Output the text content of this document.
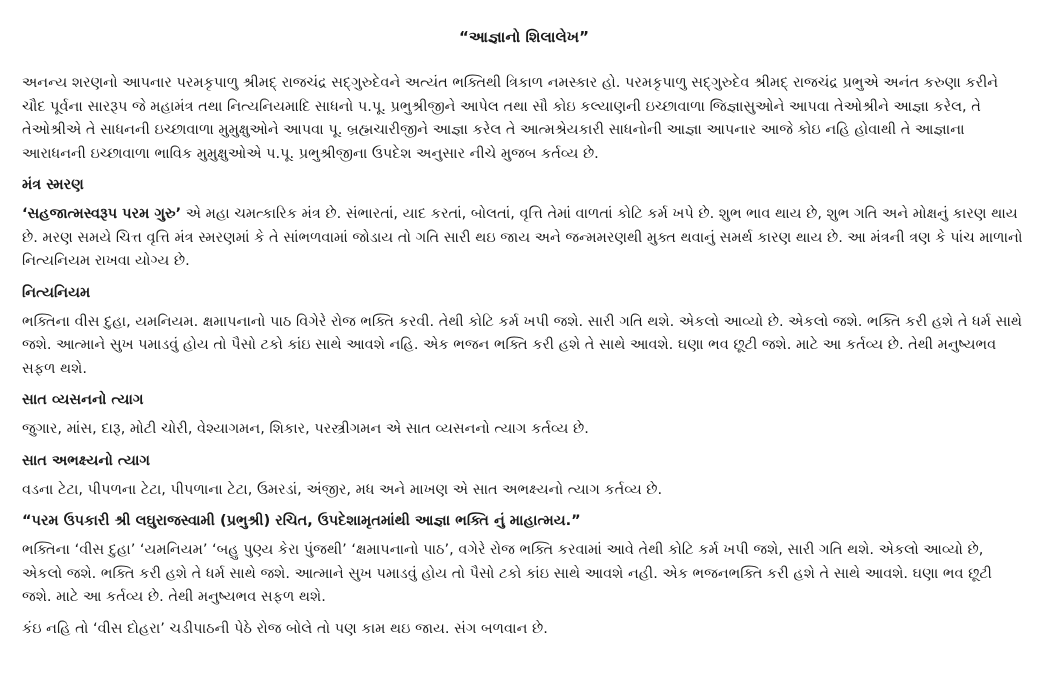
“આજ્ઞાનો શિલાલેખ”

અનન્ય શરણનો આપનાર પરમકૃપાળુ શ્રીમદ્ રાજચંદ્ર સદ્ગુરુદેવને અત્યંત ભક્તિથી ત્રિકાળ નમસ્કાર હો. પરમકૃપાળુ સદ્ગુરુદેવ શ્રીમદ્ રાજચંદ્ર પ્રભુએ અનંત કરુણા કરીને ચૌદ પૂર્વના સારરૂપ જે મહામંત્ર તથા નિત્યનિયમાદિ સાધનો પ.પૂ. પ્રભુશ્રીજીને આપેલ તથા સૌ કોઇ કલ્યાણની ઇચ્છાવાળા જિજ્ઞાસુઓને આપવા તેઓશ્રીને આજ્ઞા કરેલ, તે તેઓશ્રીએ તે સાધનની ઇચ્છાવાળા મુમુક્ષુઓને આપવા પૂ. બ્રહ્મચારીજીને આજ્ઞા કરેલ તે આત્મશ્રેયકારી સાધનોની આજ્ઞા આપનાર આજે કોઇ નહિ હોવાથી તે આજ્ઞાના આરાધનની ઇચ્છાવાળા ભાવિક મુમુક્ષુઓએ પ.પૂ. પ્રભુશ્રીજીના ઉપદેશ અનુસાર નીચે મુજબ કર્તવ્ય છે.

મંત્ર સ્મરણ

‘સહજાત્મસ્વરૂપ પરમ ગુરુ’ એ મહા ચમત્કારિક મંત્ર છે. સંભારતાં, યાદ કરતાં, બોલતાં, વૃત્તિ તેમાં વાળતાં કોટિ કર્મ ખપે છે. શુભ ભાવ થાય છે, શુભ ગતિ અને મોક્ષનું કારણ થાય છે. મરણ સમયે ચિત્ત વૃત્તિ મંત્ર સ્મરણમાં કે તે સાંભળવામાં જોડાય તો ગતિ સારી થઇ જાય અને જન્મમરણથી મુક્ત થવાનું સમર્થ કારણ થાય છે. આ મંત્રની ત્રણ કે પાંચ માળાનો નિત્યનિયમ રાખવા યોગ્ય છે.

નિત્યનિયમ

ભક્તિના વીસ દુહા, યમનિયમ. ક્ષમાપનાનો પાઠ વિગેરે રોજ ભક્તિ કરવી. તેથી કોટિ કર્મ ખપી જશે. સારી ગતિ થશે. એકલો આવ્યો છે. એકલો જશે. ભક્તિ કરી હશે તે ધર્મ સાથે જશે. આત્માને સુખ પમાડવું હોય તો પૈસો ટકો કાંઇ સાથે આવશે નહિ. એક ભજન ભક્તિ કરી હશે તે સાથે આવશે. ઘણા ભવ છૂટી જશે. માટે આ કર્તવ્ય છે. તેથી મનુષ્યભવ સફળ થશે.

સાત વ્યસનનો ત્યાગ

જુગાર, માંસ, દારૂ, મોટી ચોરી, વેશ્યાગમન, શિકાર, પરસ્ત્રીગમન એ સાત વ્યસનનો ત્યાગ કર્તવ્ય છે.

સાત અભક્ષ્યનો ત્યાગ

વડના ટેટા, પીપળના ટેટા, પીપળાના ટેટા, ઉમરડાં, અંજીર, મધ અને માખણ એ સાત અભક્ષ્યનો ત્યાગ કર્તવ્ય છે.

“પરમ ઉપકારી શ્રી લઘુરાજસ્વામી (પ્રભુશ્રી) રચિત, ઉપદેશામૃતમાંથી આજ્ઞા ભક્તિ નું માહાત્મય.”

ભક્તિના ‘વીસ દુહા’ ‘યમનિયમ’ ‘બહુ પુણ્ય કેરા પુંજથી’ ‘ક્ષમાપનાનો પાઠ’, વગેરે રોજ ભક્તિ કરવામાં આવે તેથી કોટિ કર્મ ખપી જશે, સારી ગતિ થશે. એકલો આવ્યો છે, એકલો જશે. ભક્તિ કરી હશે તે ધર્મ સાથે જશે. આત્માને સુખ પમાડવું હોય તો પૈસો ટકો કાંઇ સાથે આવશે નહી. એક ભજનભક્તિ કરી હશે તે સાથે આવશે. ઘણા ભવ છૂટી જશે. માટે આ કર્તવ્ય છે. તેથી મનુષ્યભવ સફળ થશે.

કંઇ નહિ તો ‘વીસ દોહરા’ ચડીપાઠની પેઠે રોજ બોલે તો પણ કામ થઇ જાય. સંગ બળવાન છે.
